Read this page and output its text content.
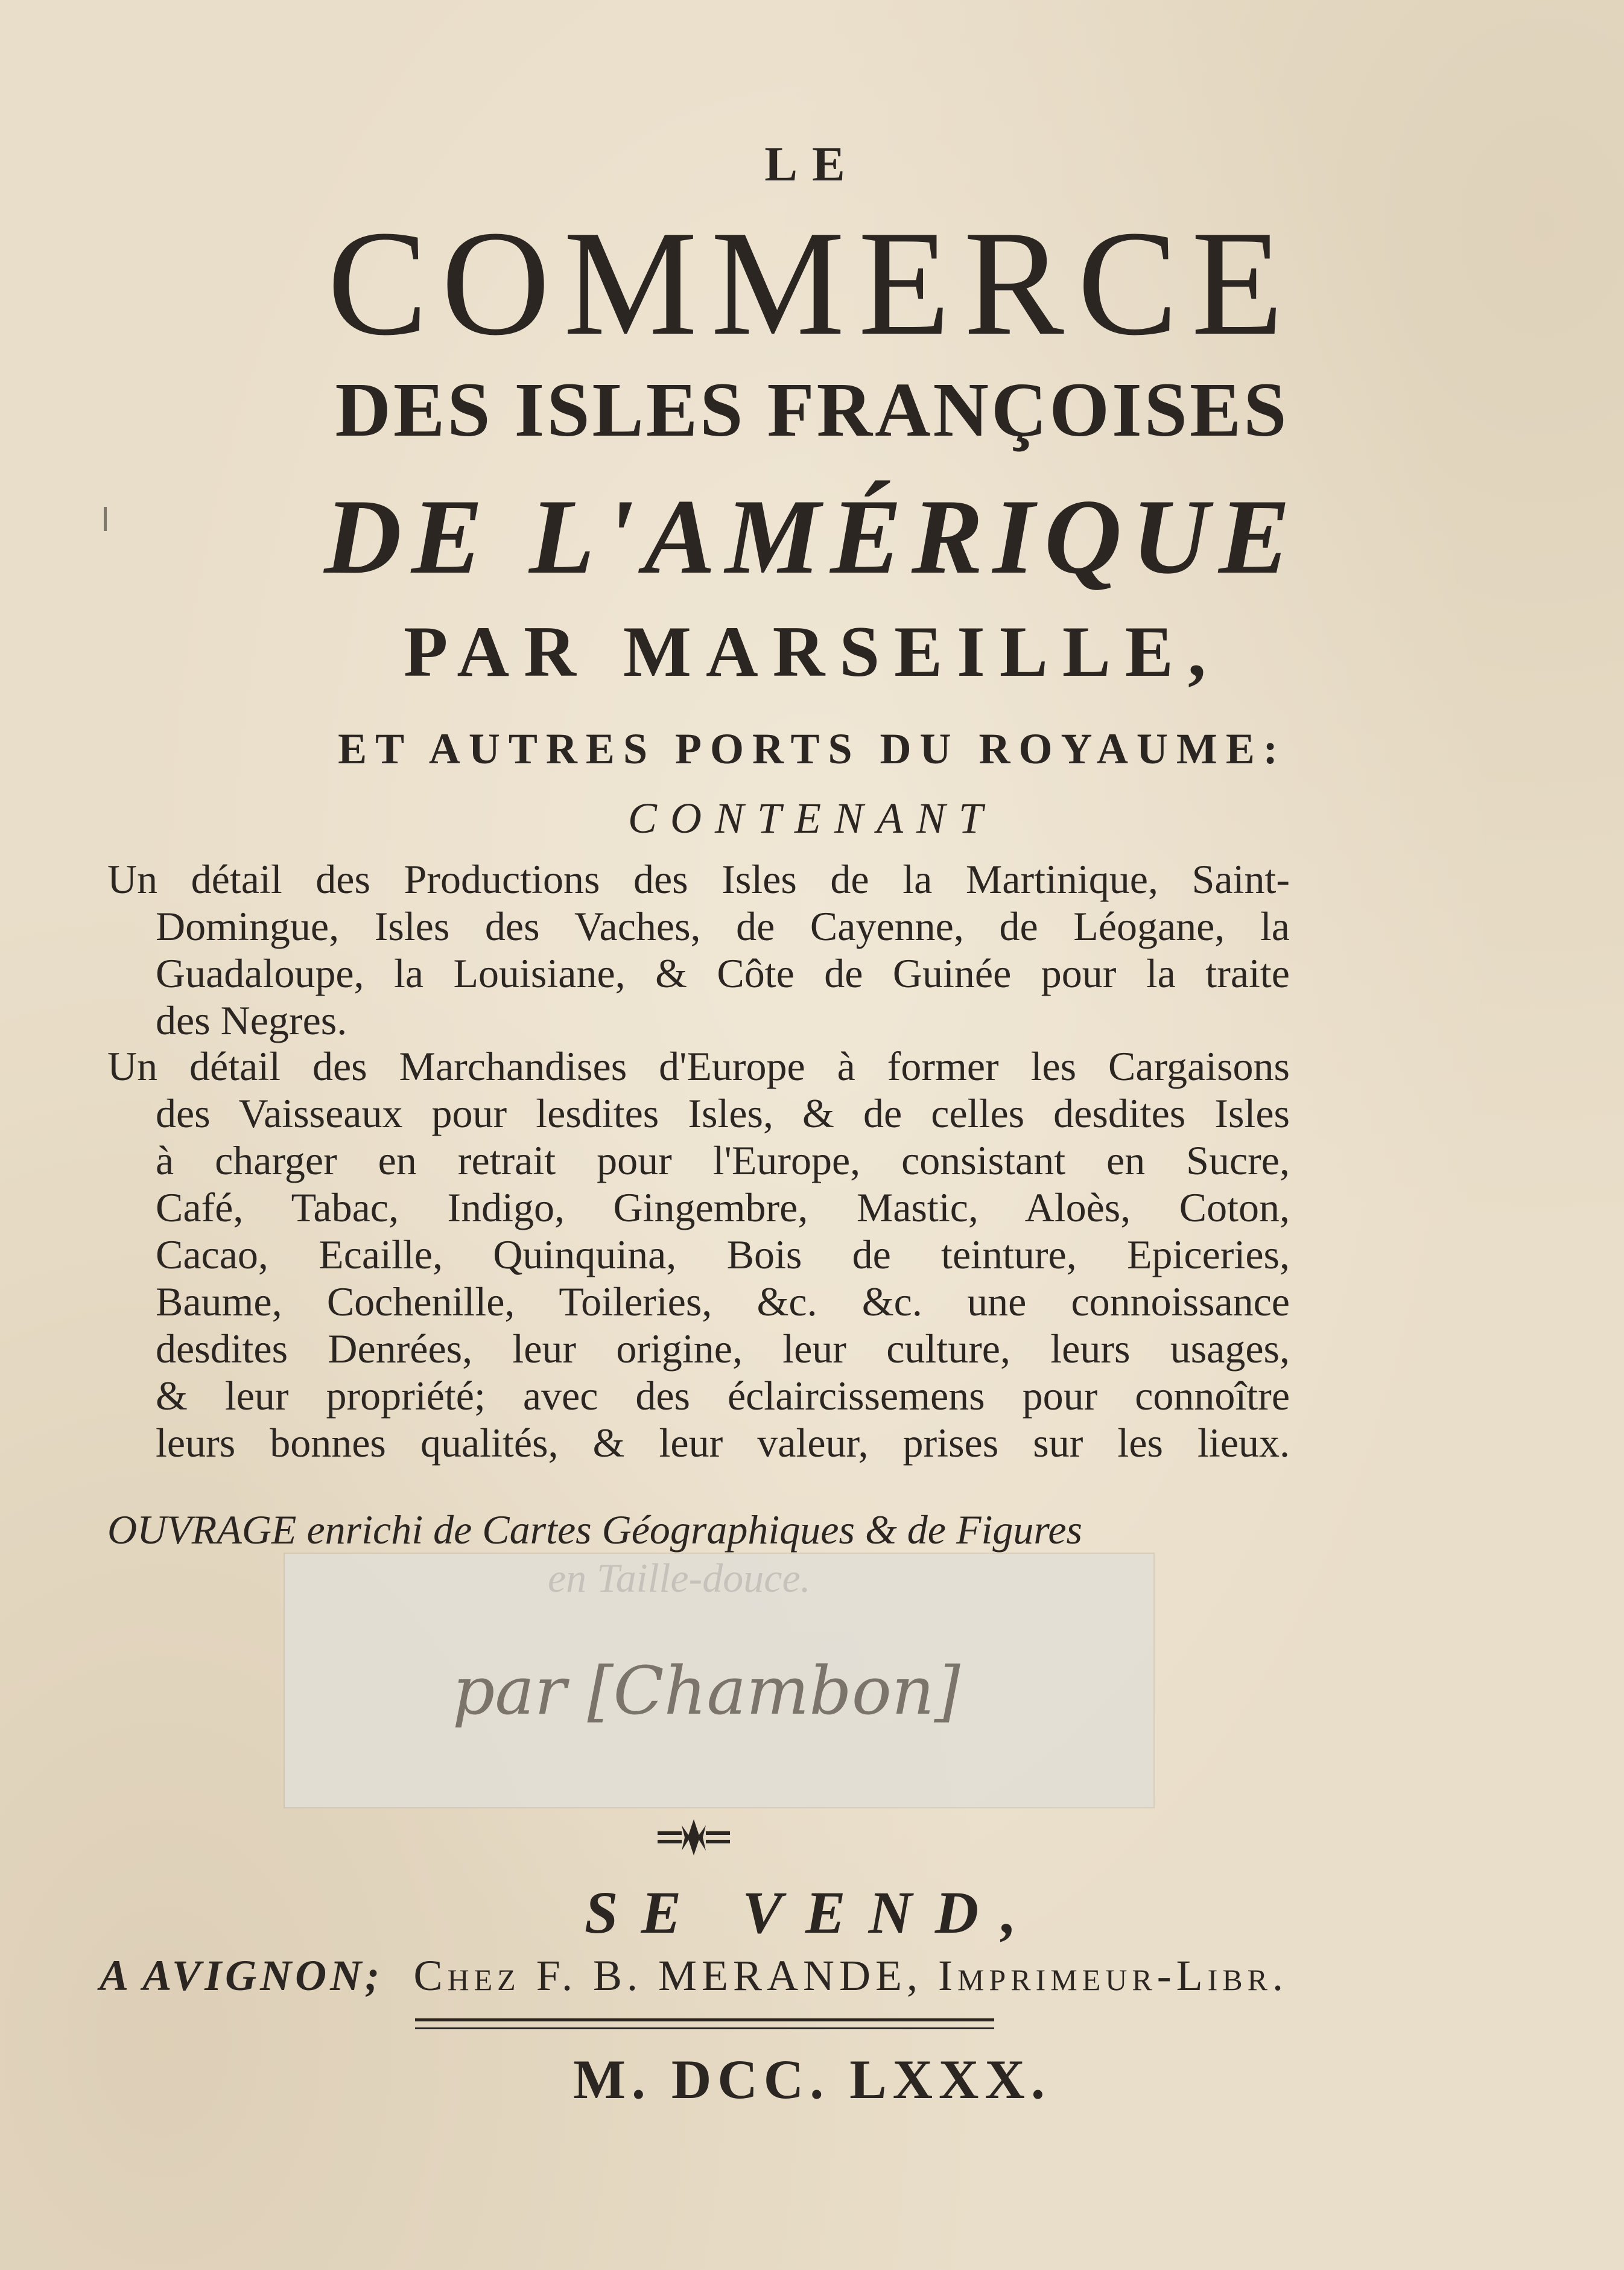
LE
COMMERCE
DES ISLES FRANÇOISES
DE L'AMÉRIQUE
PAR MARSEILLE,
ET AUTRES PORTS DU ROYAUME:
CONTENANT
Un détail des Productions des Isles de la Martinique, Saint-
Domingue, Isles des Vaches, de Cayenne, de Léogane, la
Guadaloupe, la Louisiane, & Côte de Guinée pour la traite
des Negres.
Un détail des Marchandises d'Europe à former les Cargaisons
des Vaisseaux pour lesdites Isles, & de celles desdites Isles
à charger en retrait pour l'Europe, consistant en Sucre,
Café, Tabac, Indigo, Gingembre, Mastic, Aloès, Coton,
Cacao, Ecaille, Quinquina, Bois de teinture, Epiceries,
Baume, Cochenille, Toileries, &c. &c. une connoissance
desdites Denrées, leur origine, leur culture, leurs usages,
& leur propriété; avec des éclaircissemens pour connoître
leurs bonnes qualités, & leur valeur, prises sur les lieux.
OUVRAGE enrichi de Cartes Géographiques & de Figures
par [Chambon]
SE VEND,
A AVIGNON; Chez F. B. MERANDE, Imprimeur-Libr.
M. DCC. LXXX.
